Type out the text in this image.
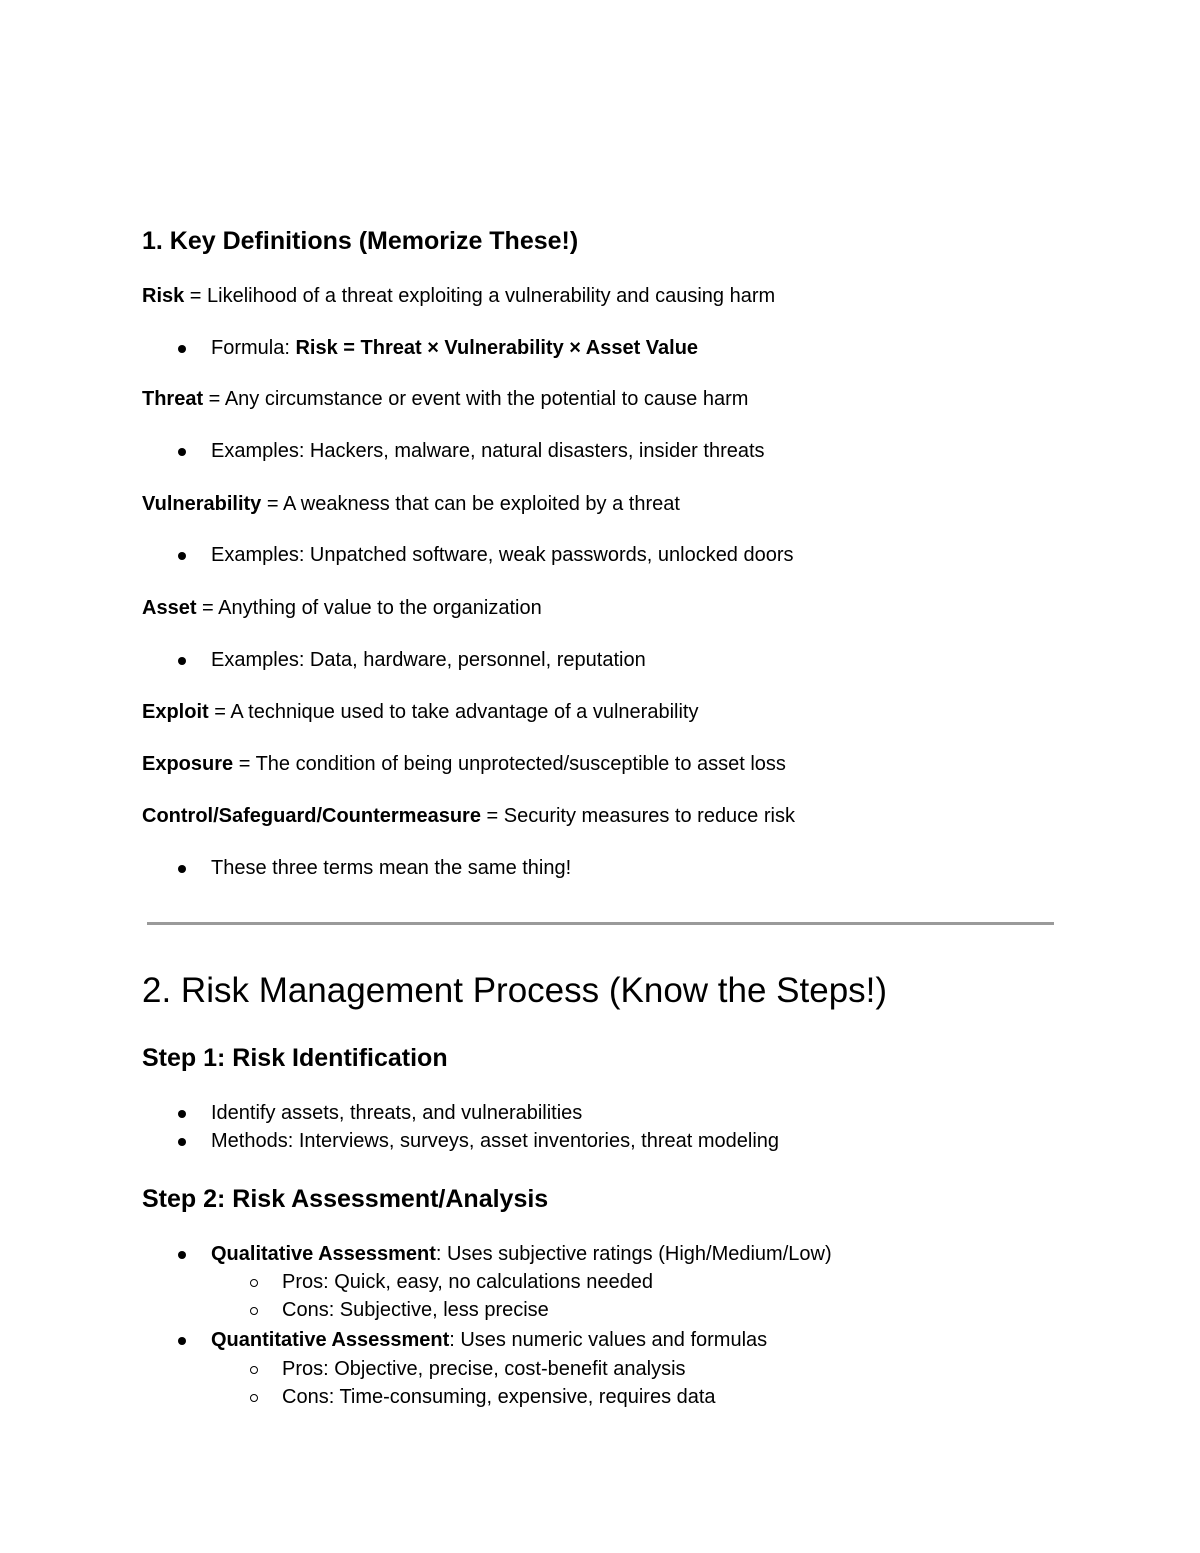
1. Key Definitions (Memorize These!)
Risk = Likelihood of a threat exploiting a vulnerability and causing harm
Formula: Risk = Threat × Vulnerability × Asset Value
Threat = Any circumstance or event with the potential to cause harm
Examples: Hackers, malware, natural disasters, insider threats
Vulnerability = A weakness that can be exploited by a threat
Examples: Unpatched software, weak passwords, unlocked doors
Asset = Anything of value to the organization
Examples: Data, hardware, personnel, reputation
Exploit = A technique used to take advantage of a vulnerability
Exposure = The condition of being unprotected/susceptible to asset loss
Control/Safeguard/Countermeasure = Security measures to reduce risk
These three terms mean the same thing!
2. Risk Management Process (Know the Steps!)
Step 1: Risk Identification
Identify assets, threats, and vulnerabilities
Methods: Interviews, surveys, asset inventories, threat modeling
Step 2: Risk Assessment/Analysis
Qualitative Assessment: Uses subjective ratings (High/Medium/Low)
Pros: Quick, easy, no calculations needed
Cons: Subjective, less precise
Quantitative Assessment: Uses numeric values and formulas
Pros: Objective, precise, cost-benefit analysis
Cons: Time-consuming, expensive, requires data
